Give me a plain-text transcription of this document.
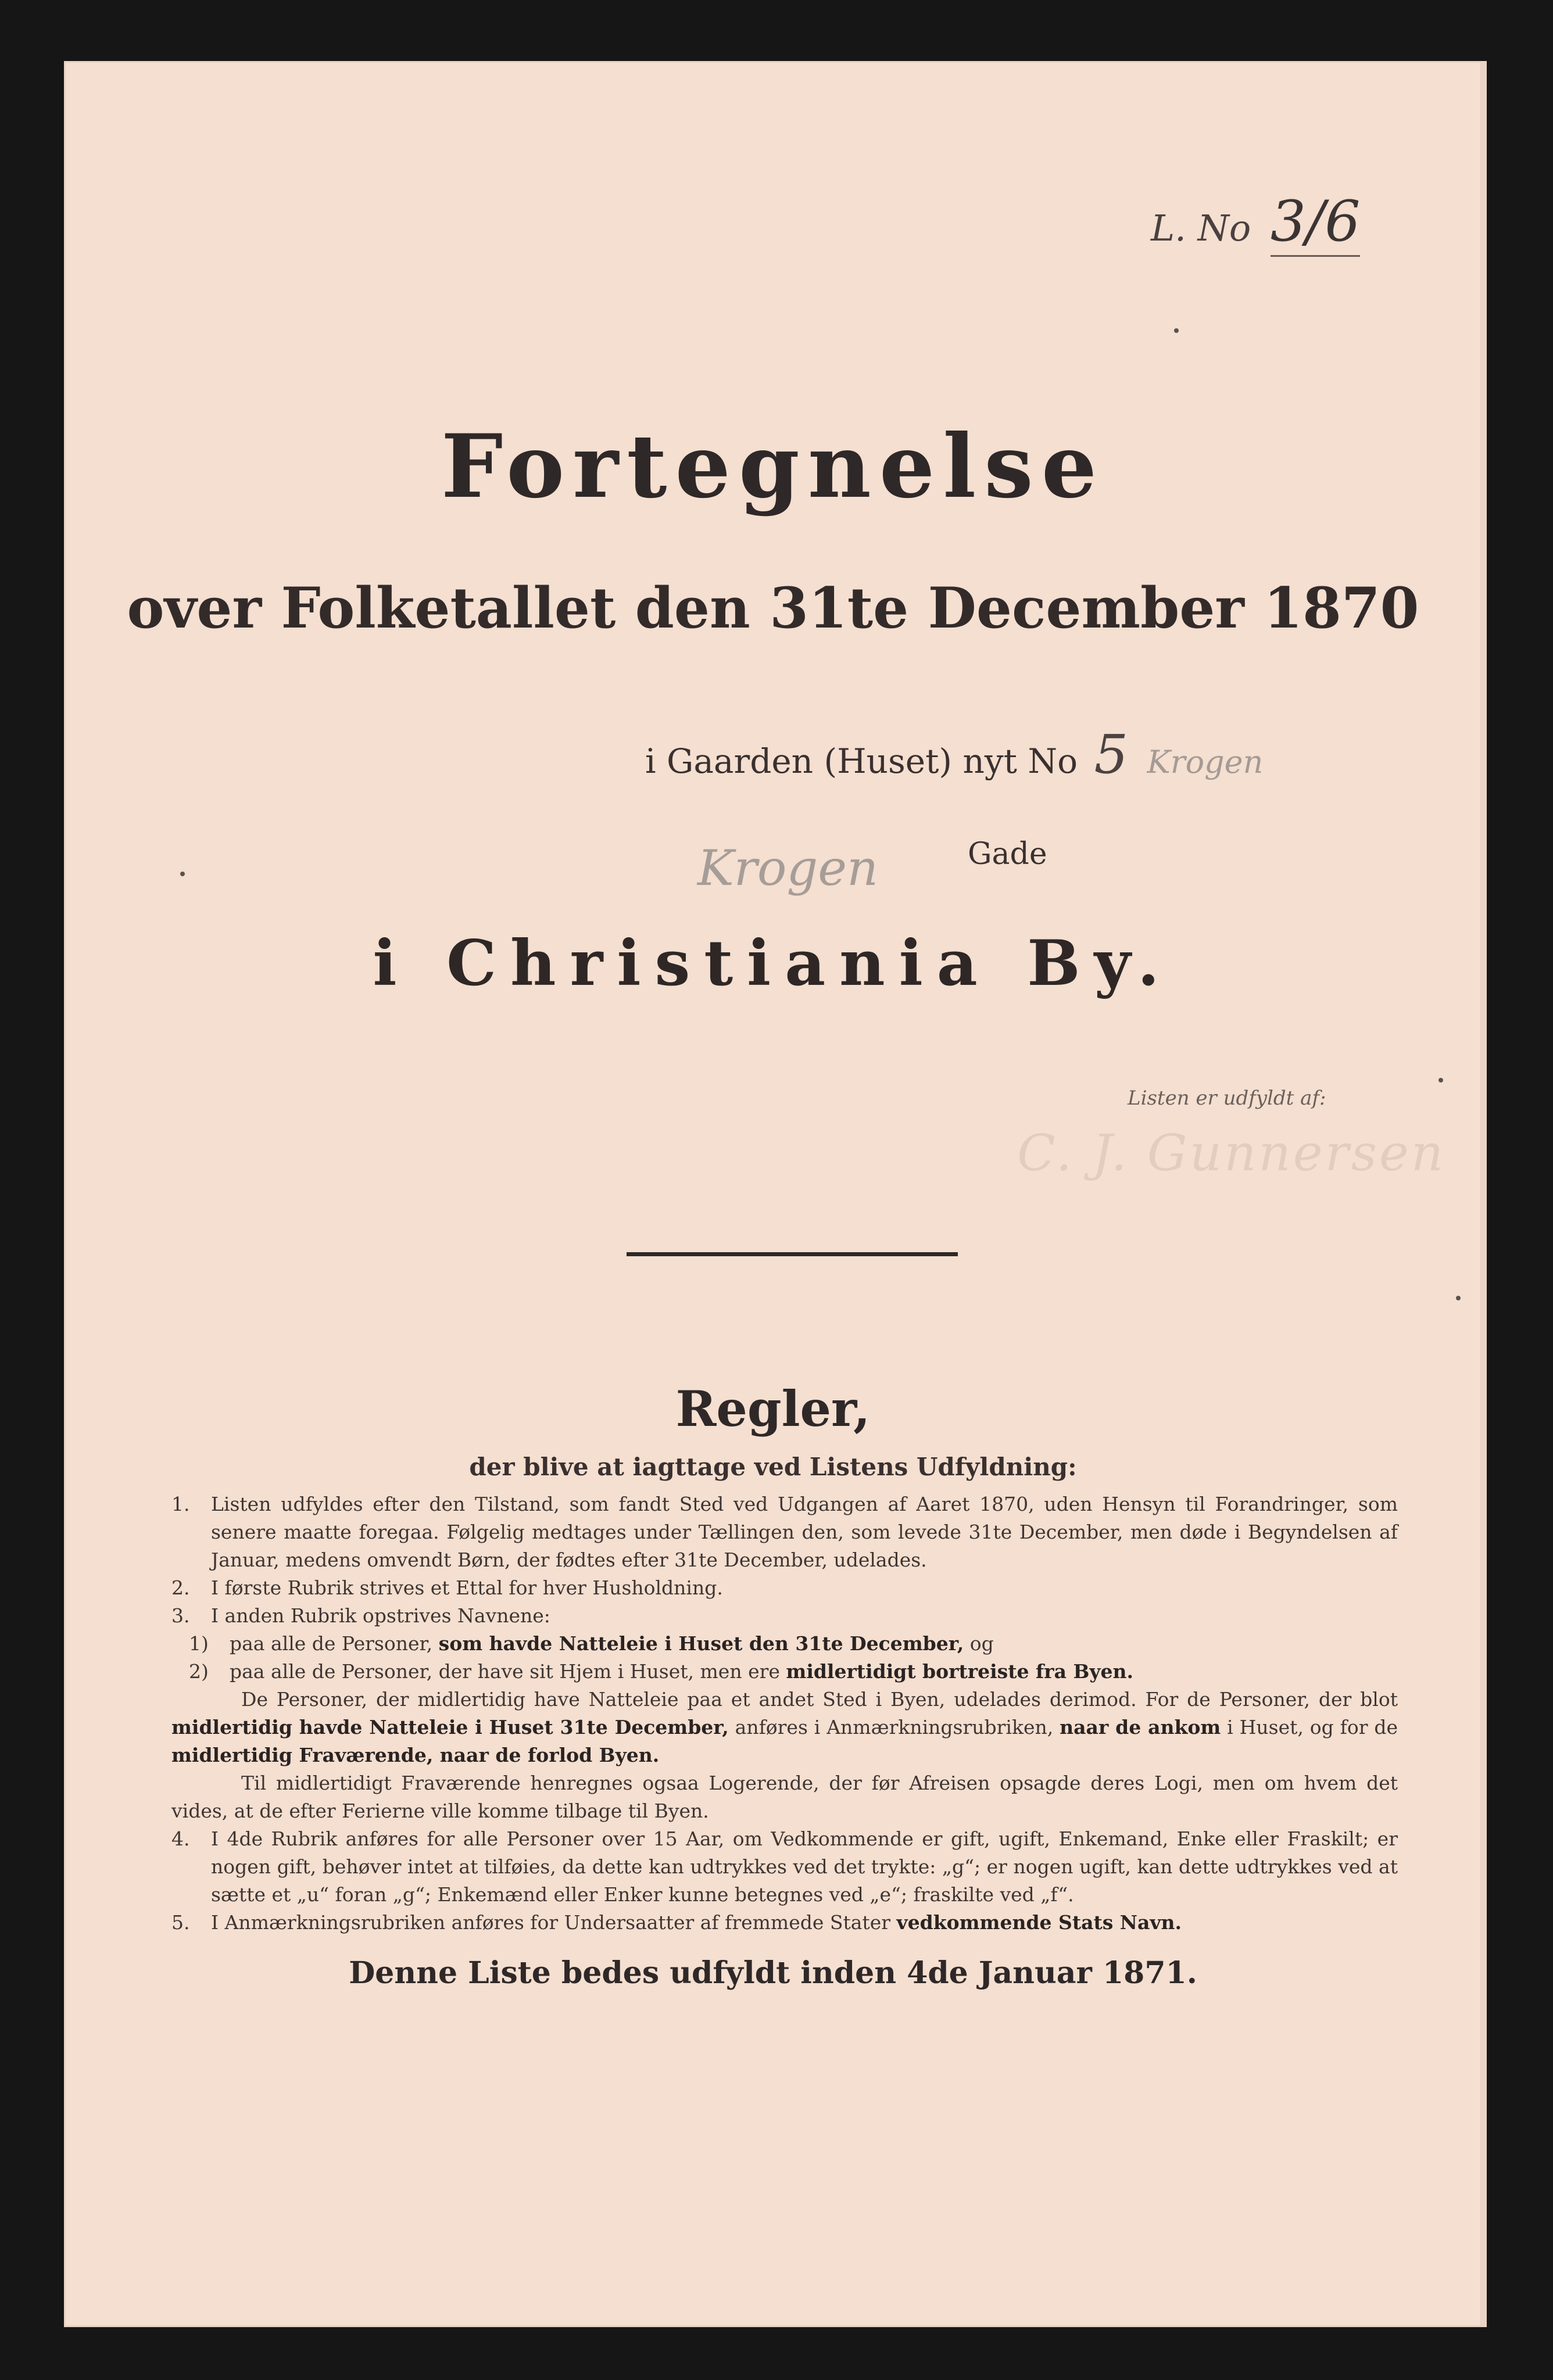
L. No 3/6
Fortegnelse
over Folketallet den 31te December 1870
i Gaarden (Huset) nyt No 5 Krogen
Krogen	Gade
i Christiania By.
Listen er udfyldt af:
C. J. Gunnersen
Regler,
der blive at iagttage ved Listens Udfyldning:

1. Listen udfyldes efter den Tilstand, som fandt Sted ved Udgangen af Aaret 1870, uden Hensyn til Forandringer, som senere maatte foregaa. Følgelig medtages under Tællingen den, som levede 31te December, men døde i Begyndelsen af Januar, medens omvendt Børn, der fødtes efter 31te December, udelades.

2. I første Rubrik strives et Ettal for hver Husholdning.

3. I anden Rubrik opstrives Navnene:

1) paa alle de Personer, som havde Natteleie i Huset den 31te December, og

2) paa alle de Personer, der have sit Hjem i Huset, men ere midlertidigt bortreiste fra Byen.

De Personer, der midlertidig have Natteleie paa et andet Sted i Byen, udelades derimod. For de Personer, der blot midlertidig havde Natteleie i Huset 31te December, anføres i Anmærkningsrubriken, naar de ankom i Huset, og for de midlertidig Fraværende, naar de forlod Byen.

Til midlertidigt Fraværende henregnes ogsaa Logerende, der før Afreisen opsagde deres Logi, men om hvem det vides, at de efter Ferierne ville komme tilbage til Byen.

4. I 4de Rubrik anføres for alle Personer over 15 Aar, om Vedkommende er gift, ugift, Enkemand, Enke eller Fraskilt; er nogen gift, behøver intet at tilføies, da dette kan udtrykkes ved det trykte: „g“; er nogen ugift, kan dette udtrykkes ved at sætte et „u“ foran „g“; Enkemænd eller Enker kunne betegnes ved „e“; fraskilte ved „f“.

5. I Anmærkningsrubriken anføres for Undersaatter af fremmede Stater vedkommende Stats Navn.

Denne Liste bedes udfyldt inden 4de Januar 1871.
